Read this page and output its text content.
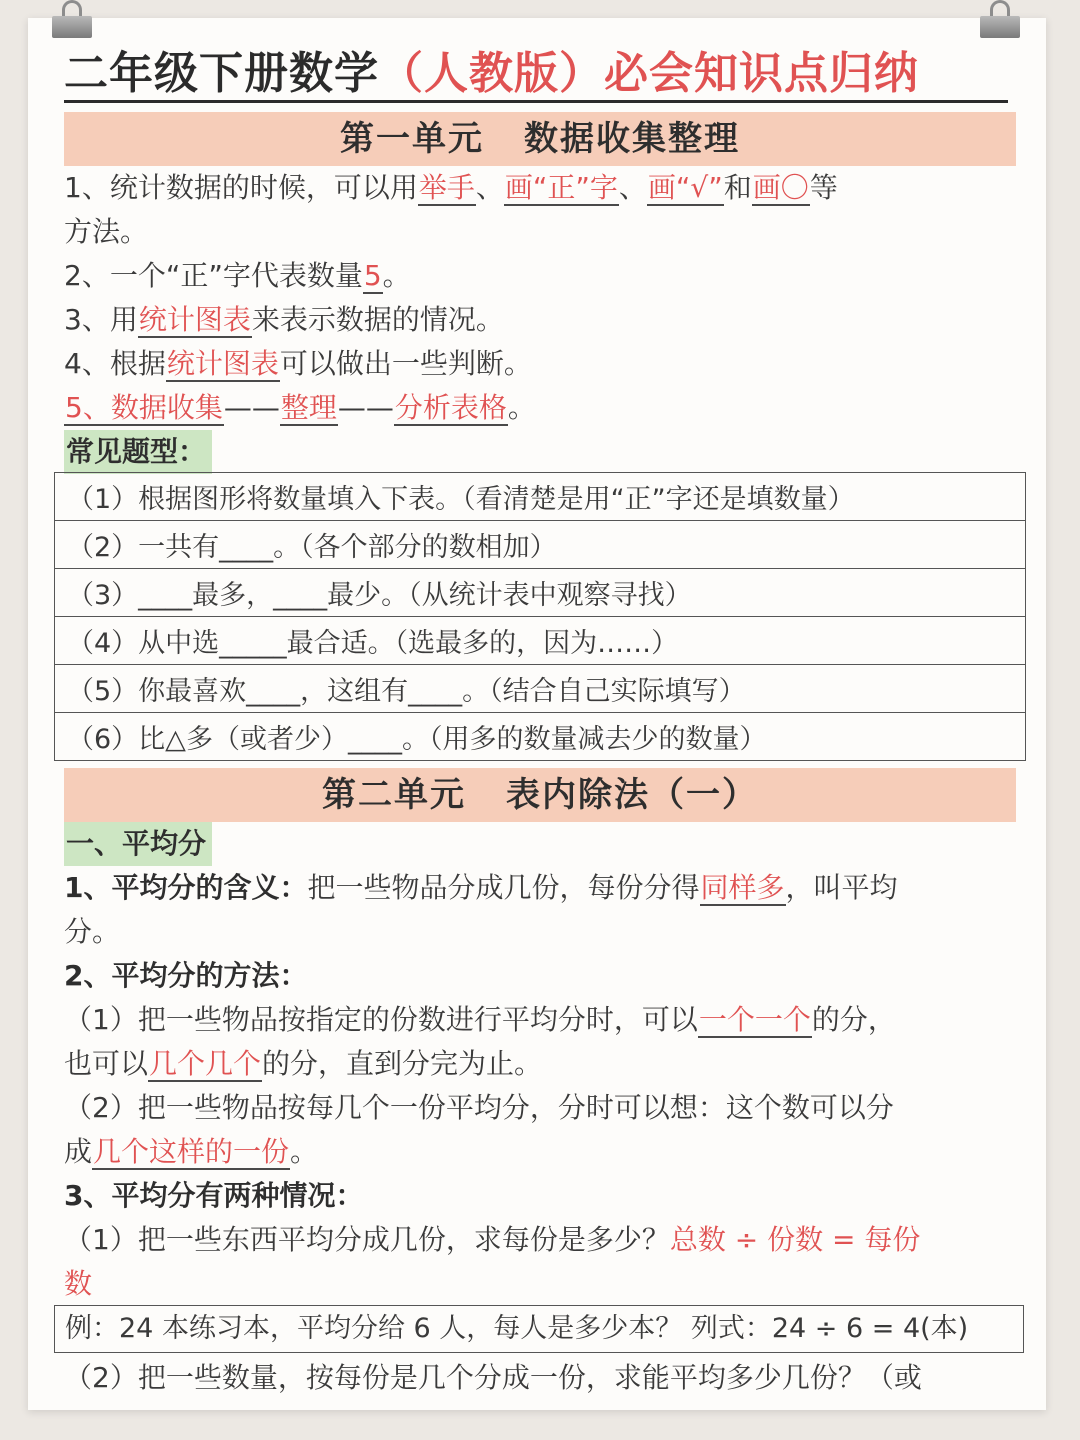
二年级下册数学（人教版）必会知识点归纳
第一单元 数据收集整理
1、统计数据的时候，可以用举手、画“正”字、画“√”和画〇等
方法。
2、一个“正”字代表数量5。
3、用统计图表来表示数据的情况。
4、根据统计图表可以做出一些判断。
5、数据收集——整理——分析表格。
常见题型：
（1）根据图形将数量填入下表。（看清楚是用“正”字还是填数量）
（2）一共有____。（各个部分的数相加）
（3）____最多，____最少。（从统计表中观察寻找）
（4）从中选_____最合适。（选最多的，因为……）
（5）你最喜欢____，这组有____。（结合自己实际填写）
（6）比△多（或者少）____。（用多的数量减去少的数量）
第二单元 表内除法（一）
一、平均分
1、平均分的含义：把一些物品分成几份，每份分得同样多，叫平均
分。
2、平均分的方法：
（1）把一些物品按指定的份数进行平均分时，可以一个一个的分，
也可以几个几个的分，直到分完为止。
（2）把一些物品按每几个一份平均分，分时可以想：这个数可以分
成几个这样的一份。
3、平均分有两种情况：
（1）把一些东西平均分成几份，求每份是多少？总数 ÷ 份数 = 每份
数
例：24 本练习本，平均分给 6 人，每人是多少本？ 列式：24 ÷ 6 = 4(本)
（2）把一些数量，按每份是几个分成一份，求能平均多少几份？（或
